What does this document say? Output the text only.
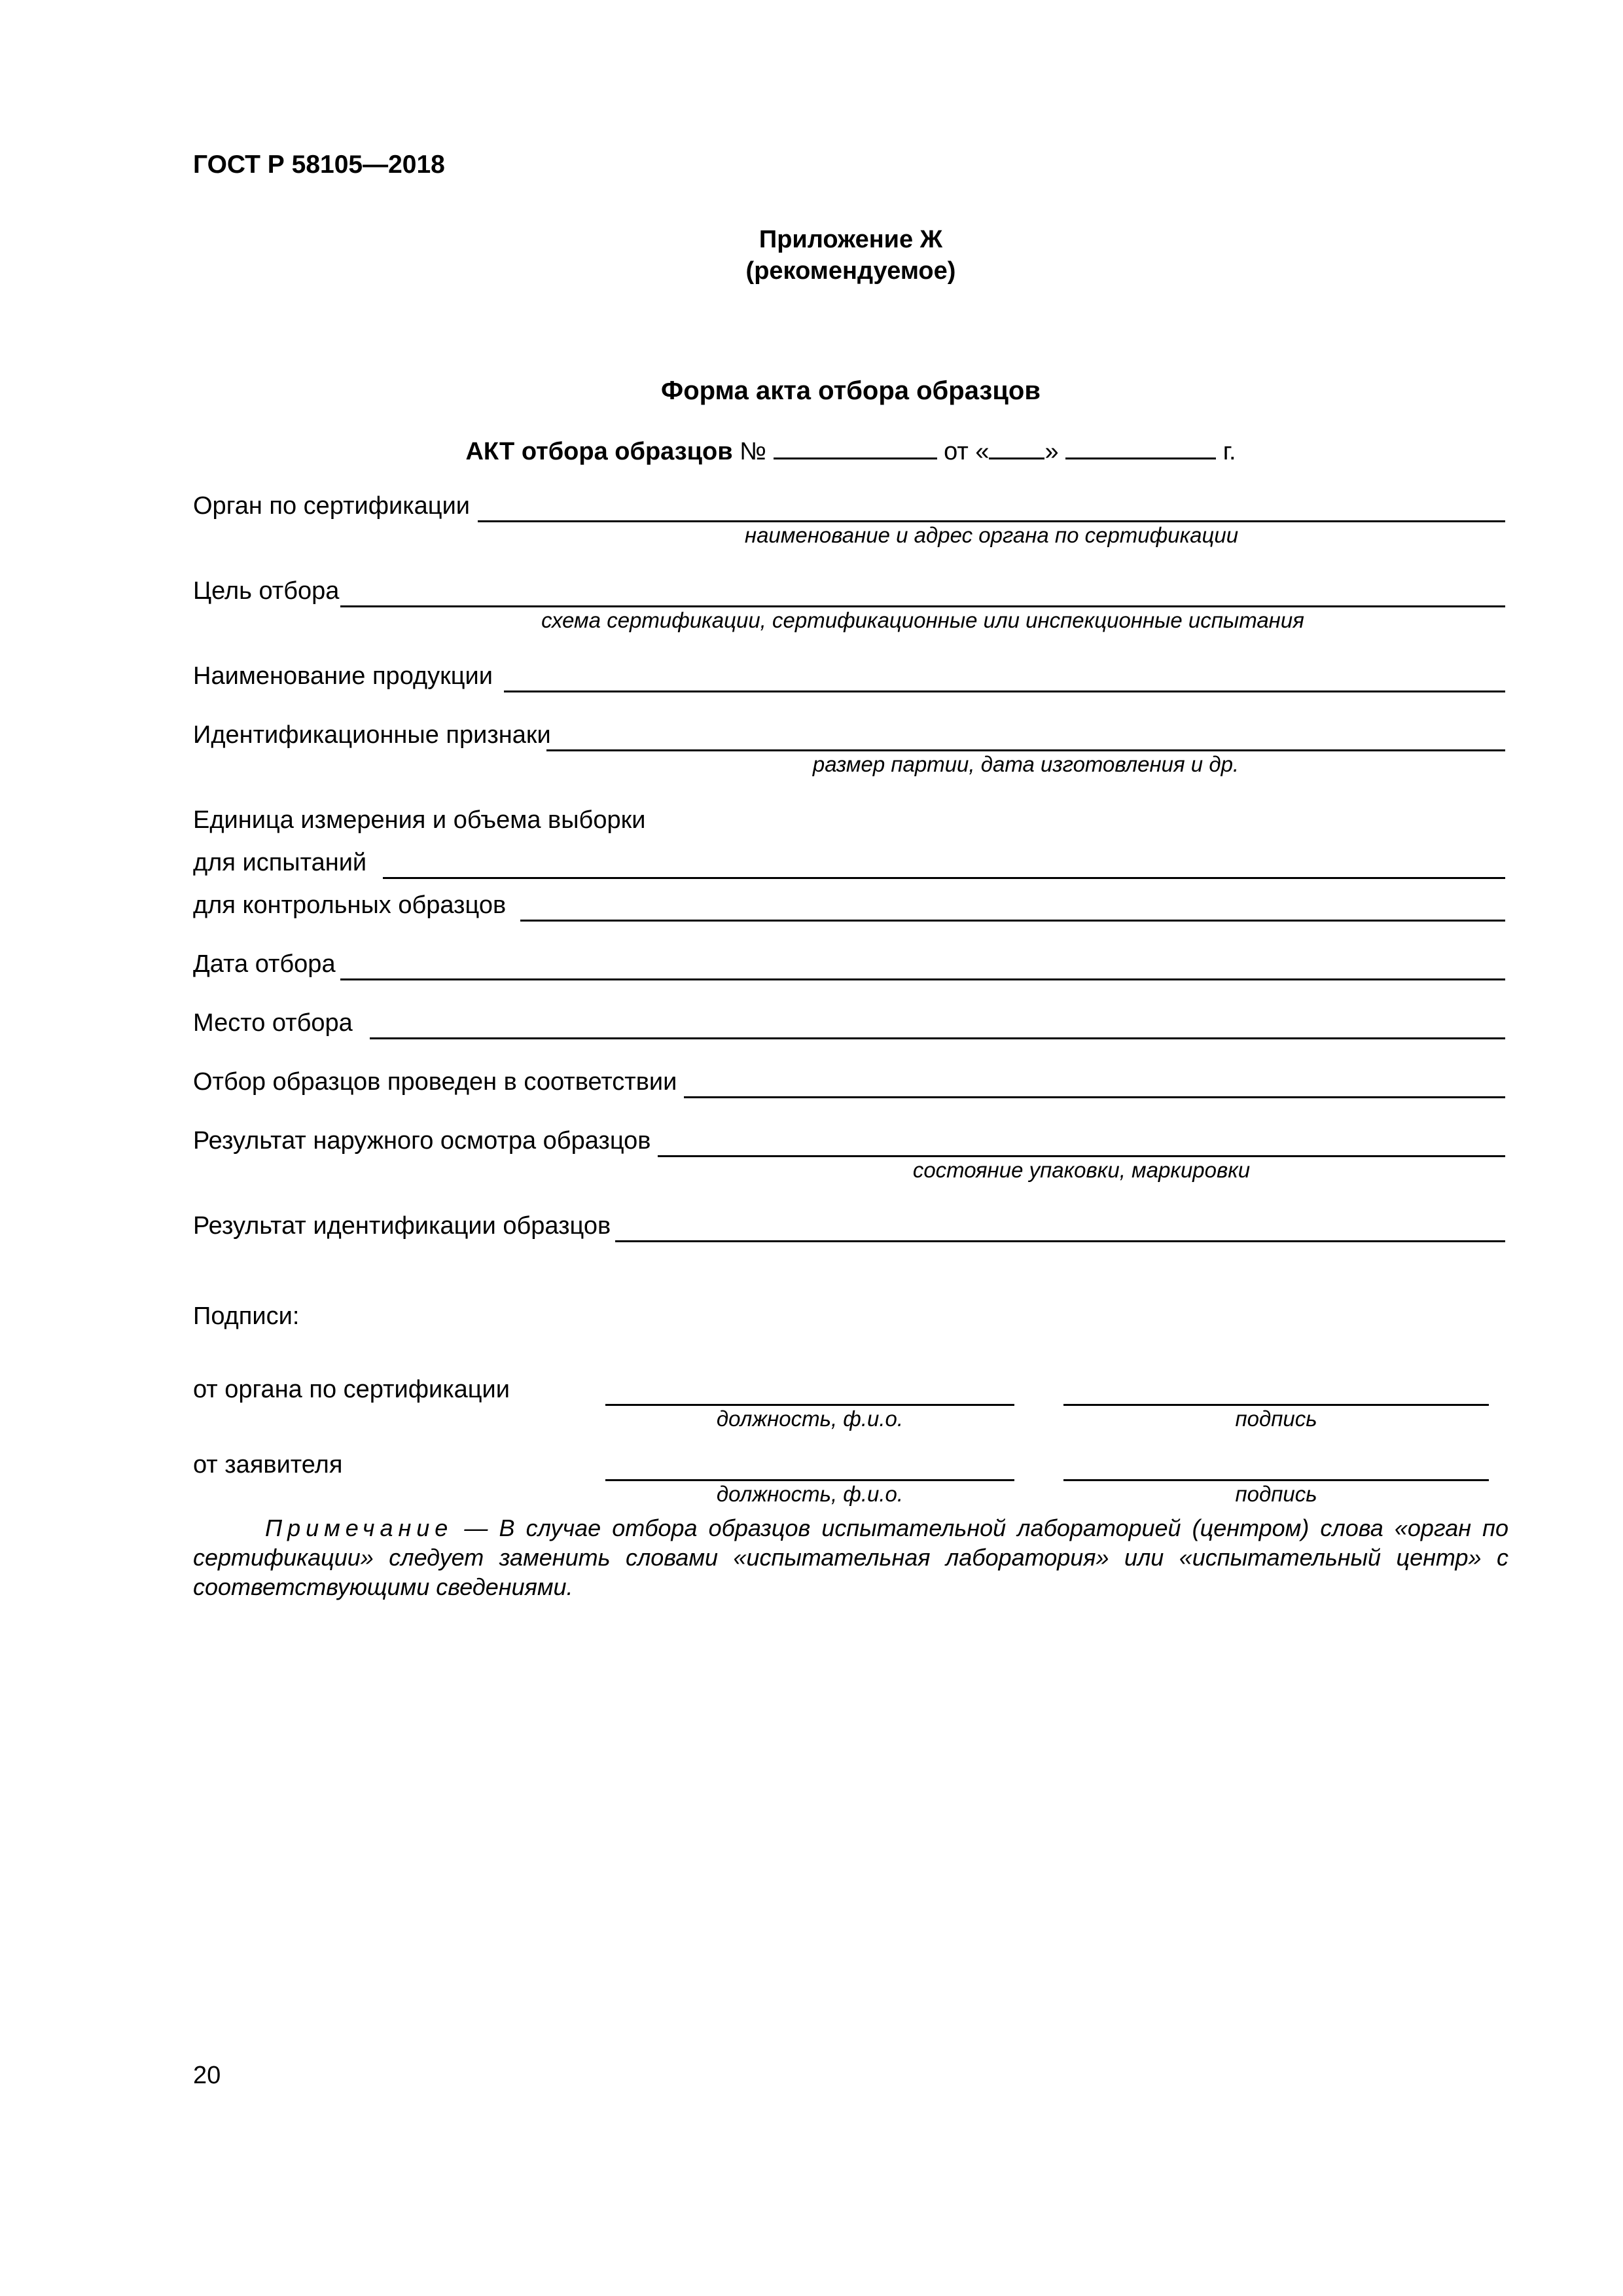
ГОСТ Р 58105—2018
Приложение Ж
(рекомендуемое)
Форма акта отбора образцов
АКТ отбора образцов №	от « »	г.
Орган по сертификации
наименование и адрес органа по сертификации
Цель отбора
схема сертификации, сертификационные или инспекционные испытания
Наименование продукции
Идентификационные признаки
размер партии, дата изготовления и др.
Единица измерения и объема выборки
для испытаний
для контрольных образцов
Дата отбора
Место отбора
Отбор образцов проведен в соответствии
Результат наружного осмотра образцов
состояние упаковки, маркировки
Результат идентификации образцов
Подписи:
от органа по сертификации
должность, ф.и.о.	подпись
от заявителя
должность, ф.и.о.	подпись
Примечание — В случае отбора образцов испытательной лабораторией (центром) слова «орган по сертификации» следует заменить словами «испытательная лаборатория» или «испытательный центр» с соответствующими сведениями.
20
